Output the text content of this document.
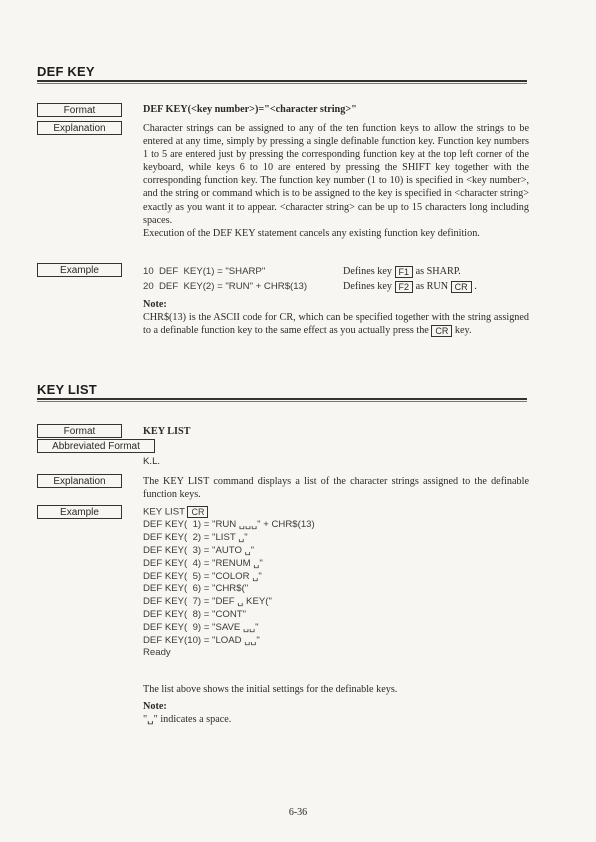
DEF KEY
Format	DEF KEY(<key number>)="<character string>"
Explanation	Character strings can be assigned to any of the ten function keys to allow the strings to be entered at any time, simply by pressing a single definable function key. Function key numbers 1 to 5 are entered just by pressing the corresponding function key at the top left corner of the keyboard, while keys 6 to 10 are entered by pressing the SHIFT key together with the corresponding function key. The function key number (1 to 10) is specified in <key number>, and the string or command which is to be assigned to the key is specified in <character string> exactly as you want it to appear. <character string> can be up to 15 characters long including spaces.

Execution of the DEF KEY statement cancels any existing function key definition.

Example	10  DEF  KEY(1) = "SHARP"	Defines key F1 as SHARP.
20  DEF  KEY(2) = "RUN" + CHR$(13)	Defines key F2 as RUN CR .

Note:

CHR$(13) is the ASCII code for CR, which can be specified together with the string assigned to a definable function key to the same effect as you actually press the CR key.

KEY LIST
Format	KEY LIST
Abbreviated Format
K.L.
Explanation	The KEY LIST command displays a list of the character strings assigned to the definable function keys.
Example	KEY LIST CR
DEF KEY(  1) = "RUN ␣␣␣" + CHR$(13)
DEF KEY(  2) = "LIST ␣"
DEF KEY(  3) = "AUTO ␣"
DEF KEY(  4) = "RENUM ␣"
DEF KEY(  5) = "COLOR ␣"
DEF KEY(  6) = "CHR$("
DEF KEY(  7) = "DEF ␣ KEY("
DEF KEY(  8) = "CONT"
DEF KEY(  9) = "SAVE ␣␣"
DEF KEY(10) = "LOAD ␣␣"
Ready
The list above shows the initial settings for the definable keys.

Note:

"␣" indicates a space.

6-36
